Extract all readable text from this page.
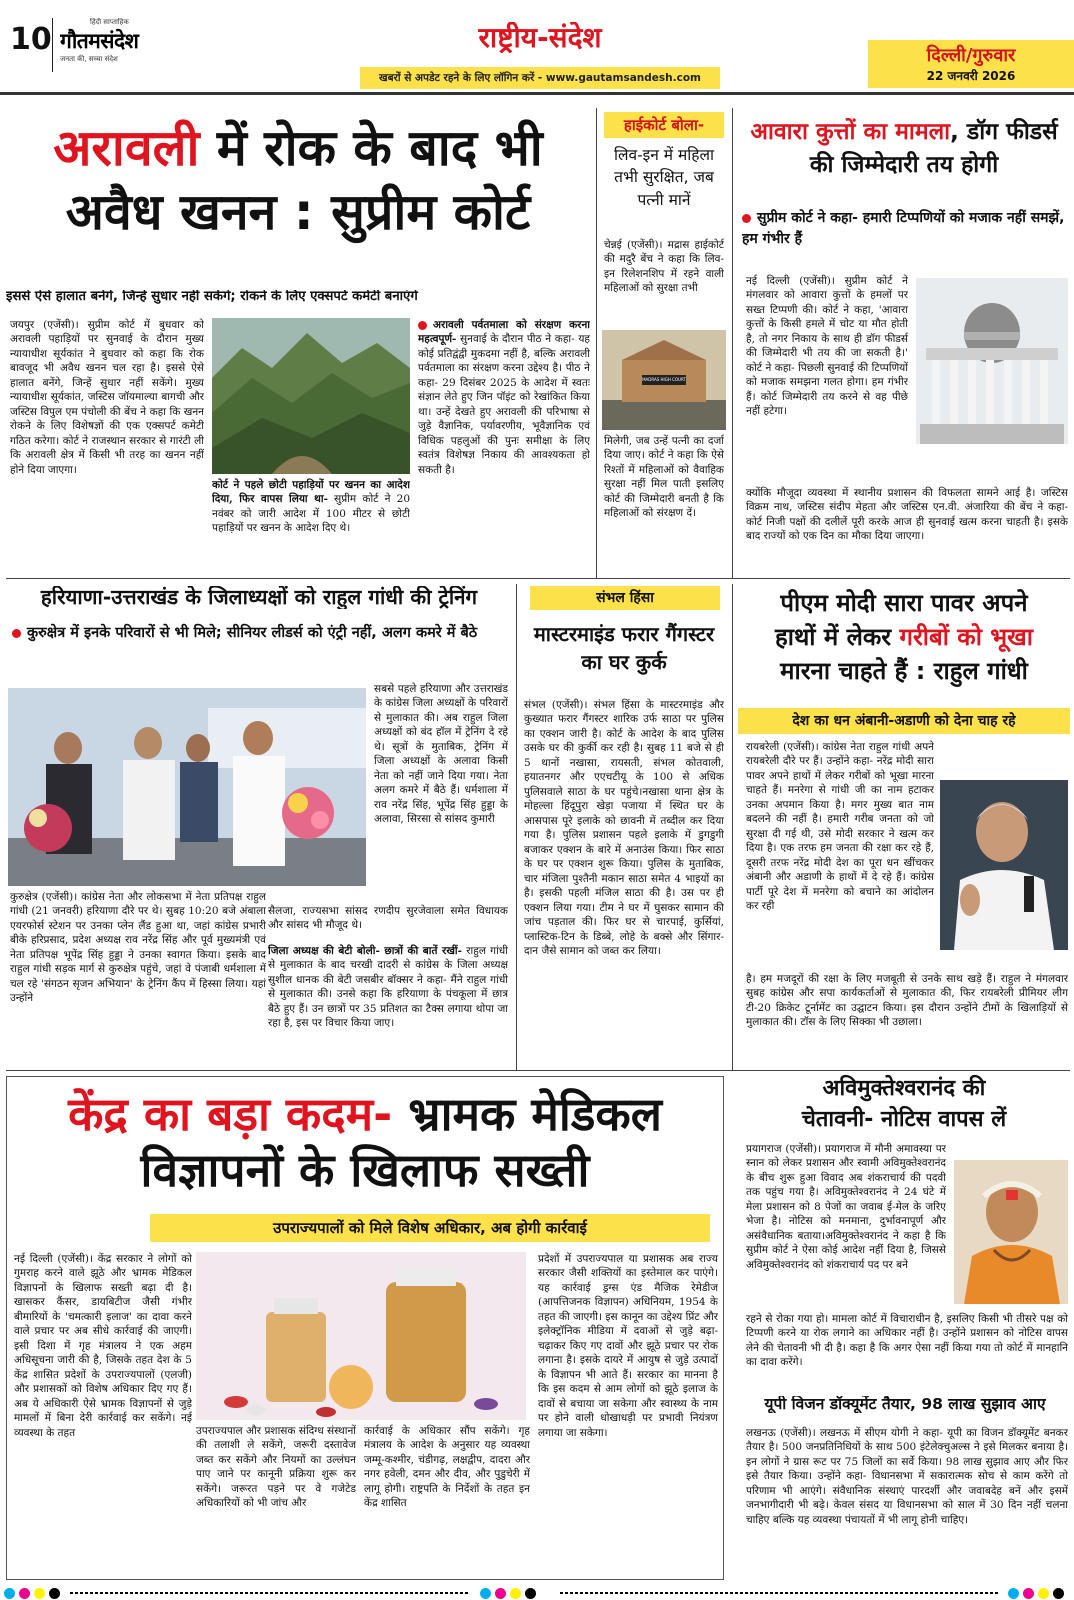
10	हिंदी साप्ताहिक
गौतमसंदेश
जनता की, सच्चा संदेश
राष्ट्रीय-संदेश
खबरों से अपडेट रहने के लिए लॉगिन करें - www.gautamsandesh.com
दिल्ली/गुरुवार
22 जनवरी 2026
अरावली में रोक के बाद भी
अवैध खनन : सुप्रीम कोर्ट
इससे ऐसे हालात बनेंगे, जिन्हें सुधार नहीं सकेंगे; रोकने के लिए एक्सपर्ट कमेटी बनाएंगे
जयपुर (एजेंसी)। सुप्रीम कोर्ट में बुधवार को अरावली पहाड़ियों पर सुनवाई के दौरान मुख्य न्यायाधीश सूर्यकांत ने बुधवार को कहा कि रोक बावजूद भी अवैध खनन चल रहा है। इससे ऐसे हालात बनेंगे, जिन्हें सुधार नहीं सकेंगे। मुख्य न्यायाधीश सूर्यकांत, जस्टिस जॉयमाल्या बागची और जस्टिस विपुल एम पंचोली की बेंच ने कहा कि खनन रोकने के लिए विशेषज्ञों की एक एक्सपर्ट कमेटी गठित करेगा। कोर्ट ने राजस्थान सरकार से गारंटी ली कि अरावली क्षेत्र में किसी भी तरह का खनन नहीं होने दिया जाएगा।
कोर्ट ने पहले छोटी पहाड़ियों पर खनन का आदेश दिया, फिर वापस लिया था- सुप्रीम कोर्ट ने 20 नवंबर को जारी आदेश में 100 मीटर से छोटी पहाड़ियों पर खनन के आदेश दिए थे।
अरावली पर्वतमाला को संरक्षण करना महत्वपूर्ण- सुनवाई के दौरान पीठ ने कहा- यह कोई प्रतिद्वंद्वी मुकदमा नहीं है, बल्कि अरावली पर्वतमाला का संरक्षण करना उद्देश्य है। पीठ ने कहा- 29 दिसंबर 2025 के आदेश में स्वतः संज्ञान लेते हुए जिन पॉइंट को रेखांकित किया था। उन्हें देखते हुए अरावली की परिभाषा से जुड़े वैज्ञानिक, पर्यावरणीय, भूवैज्ञानिक एवं विधिक पहलुओं की पुनः समीक्षा के लिए स्वतंत्र विशेषज्ञ निकाय की आवश्यकता हो सकती है।
हाईकोर्ट बोला-
लिव-इन में महिला तभी सुरक्षित, जब पत्नी मानें
चेन्नई (एजेंसी)। मद्रास हाईकोर्ट की मदुरै बेंच ने कहा कि लिव-इन रिलेशनशिप में रहने वाली महिलाओं को सुरक्षा तभी
MADRAS HIGH COURT
मिलेगी, जब उन्हें पत्नी का दर्जा दिया जाए। कोर्ट ने कहा कि ऐसे रिश्तों में महिलाओं को वैवाहिक सुरक्षा नहीं मिल पाती इसलिए कोर्ट की जिम्मेदारी बनती है कि महिलाओं को संरक्षण दें।
आवारा कुत्तों का मामला, डॉग फीडर्स की जिम्मेदारी तय होगी
सुप्रीम कोर्ट ने कहा- हमारी टिप्पणियों को मजाक नहीं समझें, हम गंभीर हैं
नई दिल्ली (एजेंसी)। सुप्रीम कोर्ट ने मंगलवार को आवारा कुत्तों के हमलों पर सख्त टिप्पणी की। कोर्ट ने कहा, 'आवारा कुत्तों के किसी हमले में चोट या मौत होती है, तो नगर निकाय के साथ ही डॉग फीडर्स की जिम्मेदारी भी तय की जा सकती है।' कोर्ट ने कहा- पिछली सुनवाई की टिप्पणियों को मजाक समझना गलत होगा। हम गंभीर हैं। कोर्ट जिम्मेदारी तय करने से वह पीछे नहीं हटेगा।
क्योंकि मौजूदा व्यवस्था में स्थानीय प्रशासन की विफलता सामने आई है। जस्टिस विक्रम नाथ, जस्टिस संदीप मेहता और जस्टिस एन.वी. अंजारिया की बेंच ने कहा- कोर्ट निजी पक्षों की दलीलें पूरी करके आज ही सुनवाई खत्म करना चाहती है। इसके बाद राज्यों को एक दिन का मौका दिया जाएगा।
हरियाणा-उत्तराखंड के जिलाध्यक्षों को राहुल गांधी की ट्रेनिंग
कुरुक्षेत्र में इनके परिवारों से भी मिले; सीनियर लीडर्स को एंट्री नहीं, अलग कमरे में बैठे
कुरुक्षेत्र (एजेंसी)। कांग्रेस नेता और लोकसभा में नेता प्रतिपक्ष राहुल गांधी (21 जनवरी) हरियाणा दौरे पर थे। सुबह 10:20 बजे अंबाला एयरफोर्स स्टेशन पर उनका प्लेन लैंड हुआ था, जहां कांग्रेस प्रभारी बीके हरिप्रसाद, प्रदेश अध्यक्ष राव नरेंद्र सिंह और पूर्व मुख्यमंत्री एवं नेता प्रतिपक्ष भूपेंद्र सिंह हुड्डा ने उनका स्वागत किया। इसके बाद राहुल गांधी सड़क मार्ग से कुरुक्षेत्र पहुंचे, जहां वे पंजाबी धर्मशाला में चल रहे 'संगठन सृजन अभियान' के ट्रेनिंग कैंप में हिस्सा लिया। यहां उन्होंने
सबसे पहले हरियाणा और उत्तराखंड के कांग्रेस जिला अध्यक्षों के परिवारों से मुलाकात की। अब राहुल जिला अध्यक्षों को बंद हॉल में ट्रेनिंग दे रहे थे। सूत्रों के मुताबिक, ट्रेनिंग में जिला अध्यक्षों के अलावा किसी नेता को नहीं जाने दिया गया। नेता अलग कमरे में बैठे हैं। धर्मशाला में राव नरेंद्र सिंह, भूपेंद्र सिंह हुड्डा के अलावा, सिरसा से सांसद कुमारी
सैलजा, राज्यसभा सांसद रणदीप सुरजेवाला समेत विधायक और सांसद भी मौजूद थे।
जिला अध्यक्ष की बेटी बोली- छात्रों की बातें रखीं- राहुल गांधी से मुलाकात के बाद चरखी दादरी से कांग्रेस के जिला अध्यक्ष सुशील धानक की बेटी जसबीर बॉक्सर ने कहा- मैंने राहुल गांधी से मुलाकात की। उनसे कहा कि हरियाणा के पंचकूला में छात्र बैठे हुए हैं। उन छात्रों पर 35 प्रतिशत का टैक्स लगाया थोपा जा रहा है, इस पर विचार किया जाए।
संभल हिंसा
मास्टरमाइंड फरार गैंगस्टर का घर कुर्क
संभल (एजेंसी)। संभल हिंसा के मास्टरमाइंड और कुख्यात फरार गैंगस्टर शारिक उर्फ साठा पर पुलिस का एक्शन जारी है। कोर्ट के आदेश के बाद पुलिस उसके घर की कुर्की कर रही है। सुबह 11 बजे से ही 5 थानों नखासा, रायसती, संभल कोतवाली, हयातनगर और एएचटीयू के 100 से अधिक पुलिसवाले साठा के घर पहुंचे।नखासा थाना क्षेत्र के मोहल्ला हिंदूपुरा खेड़ा पजाया में स्थित घर के आसपास पूरे इलाके को छावनी में तब्दील कर दिया गया है। पुलिस प्रशासन पहले इलाके में डुगडुगी बजाकर एक्शन के बारे में अनाउंस किया। फिर साठा के घर पर एक्शन शुरू किया। पुलिस के मुताबिक, चार मंजिला पुश्तैनी मकान साठा समेत 4 भाइयों का है। इसकी पहली मंजिल साठा की है। उस पर ही एक्शन लिया गया। टीम ने घर में घुसकर सामान की जांच पड़ताल की। फिर घर से चारपाई, कुर्सियां, प्लास्टिक-टिन के डिब्बे, लोहे के बक्से और सिंगार-दान जैसे सामान को जब्त कर लिया।
पीएम मोदी सारा पावर अपने
हाथों में लेकर गरीबों को भूखा
मारना चाहते हैं : राहुल गांधी
देश का धन अंबानी-अडाणी को देना चाह रहे
रायबरेली (एजेंसी)। कांग्रेस नेता राहुल गांधी अपने रायबरेली दौरे पर हैं। उन्होंने कहा- नरेंद्र मोदी सारा पावर अपने हाथों में लेकर गरीबों को भूखा मारना चाहते हैं। मनरेगा से गांधी जी का नाम हटाकर उनका अपमान किया है। मगर मुख्य बात नाम बदलने की नहीं है। हमारी गरीब जनता को जो सुरक्षा दी गई थी, उसे मोदी सरकार ने खत्म कर दिया है। एक तरफ हम जनता की रक्षा कर रहे हैं, दूसरी तरफ नरेंद्र मोदी देश का पूरा धन खींचकर अंबानी और अडाणी के हाथों में दे रहे हैं। कांग्रेस पार्टी पूरे देश में मनरेगा को बचाने का आंदोलन कर रही
है। हम मजदूरों की रक्षा के लिए मजबूती से उनके साथ खड़े हैं। राहुल ने मंगलवार सुबह कांग्रेस और सपा कार्यकर्ताओं से मुलाकात की, फिर रायबरेली प्रीमियर लीग टी-20 क्रिकेट टूर्नामेंट का उद्घाटन किया। इस दौरान उन्होंने टीमों के खिलाड़ियों से मुलाकात की। टॉस के लिए सिक्का भी उछाला।
केंद्र का बड़ा कदम- भ्रामक मेडिकल
विज्ञापनों के खिलाफ सख्ती
उपराज्यपालों को मिले विशेष अधिकार, अब होगी कार्रवाई
नई दिल्ली (एजेंसी)। केंद्र सरकार ने लोगों को गुमराह करने वाले झूठे और भ्रामक मेडिकल विज्ञापनों के खिलाफ सख्ती बढ़ा दी है। खासकर कैंसर, डायबिटीज जैसी गंभीर बीमारियों के 'चमत्कारी इलाज' का दावा करने वाले प्रचार पर अब सीधे कार्रवाई की जाएगी। इसी दिशा में गृह मंत्रालय ने एक अहम अधिसूचना जारी की है, जिसके तहत देश के 5 केंद्र शासित प्रदेशों के उपराज्यपालों (एलजी) और प्रशासकों को विशेष अधिकार दिए गए हैं। अब ये अधिकारी ऐसे भ्रामक विज्ञापनों से जुड़े मामलों में बिना देरी कार्रवाई कर सकेंगे। नई व्यवस्था के तहत	उपराज्यपाल और प्रशासक संदिग्ध संस्थानों की तलाशी ले सकेंगे, जरूरी दस्तावेज जब्त कर सकेंगे और नियमों का उल्लंघन पाए जाने पर कानूनी प्रक्रिया शुरू कर सकेंगे। जरूरत पड़ने पर वे गजेटेड अधिकारियों को भी जांच और
कार्रवाई के अधिकार सौंप सकेंगे। गृह मंत्रालय के आदेश के अनुसार यह व्यवस्था जम्मू-कश्मीर, चंडीगढ़, लक्षद्वीप, दादरा और नगर हवेली, दमन और दीव, और पुडुचेरी में लागू होगी। राष्ट्रपति के निर्देशों के तहत इन केंद्र शासित
प्रदेशों में उपराज्यपाल या प्रशासक अब राज्य सरकार जैसी शक्तियों का इस्तेमाल कर पाएंगे। यह कार्रवाई ड्रग्स एंड मैजिक रेमेडीज (आपत्तिजनक विज्ञापन) अधिनियम, 1954 के तहत की जाएगी। इस कानून का उद्देश्य प्रिंट और इलेक्ट्रॉनिक मीडिया में दवाओं से जुड़े बढ़ा-चढ़ाकर किए गए दावों और झूठे प्रचार पर रोक लगाना है। इसके दायरे में आयुष से जुड़े उत्पादों के विज्ञापन भी आते हैं। सरकार का मानना है कि इस कदम से आम लोगों को झूठे इलाज के दावों से बचाया जा सकेगा और स्वास्थ्य के नाम पर होने वाली धोखाधड़ी पर प्रभावी नियंत्रण लगाया जा सकेगा।
अविमुक्तेश्वरानंद की
चेतावनी- नोटिस वापस लें
प्रयागराज (एजेंसी)। प्रयागराज में मौनी अमावस्या पर स्नान को लेकर प्रशासन और स्वामी अविमुक्तेश्वरानंद के बीच शुरू हुआ विवाद अब शंकराचार्य की पदवी तक पहुंच गया है। अविमुक्तेश्वरानंद ने 24 घंटे में मेला प्रशासन को 8 पेजों का जवाब ई-मेल के जरिए भेजा है। नोटिस को मनमाना, दुर्भावनापूर्ण और असंवैधानिक बताया।अविमुक्तेश्वरानंद ने कहा है कि सुप्रीम कोर्ट ने ऐसा कोई आदेश नहीं दिया है, जिससे अविमुक्तेश्वरानंद को शंकराचार्य पद पर बने
रहने से रोका गया हो। मामला कोर्ट में विचाराधीन है, इसलिए किसी भी तीसरे पक्ष को टिप्पणी करने या रोक लगाने का अधिकार नहीं है। उन्होंने प्रशासन को नोटिस वापस लेने की चेतावनी भी दी है। कहा है कि अगर ऐसा नहीं किया गया तो कोर्ट में मानहानि का दावा करेंगे।
यूपी विजन डॉक्यूमेंट तैयार, 98 लाख सुझाव आए
लखनऊ (एजेंसी)। लखनऊ में सीएम योगी ने कहा- यूपी का विजन डॉक्यूमेंट बनकर तैयार है। 500 जनप्रतिनिधियों के साथ 500 इंटेलेक्चुअल्स ने इसे मिलकर बनाया है। इन लोगों ने ग्रास रूट पर 75 जिलों का सर्वे किया। 98 लाख सुझाव आए और फिर इसे तैयार किया। उन्होंने कहा- विधानसभा में सकारात्मक सोच से काम करेंगे तो परिणाम भी आएंगे। संवैधानिक संस्थाएं पारदर्शी और जवाबदेह बनें और इसमें जनभागीदारी भी बढ़े। केवल संसद या विधानसभा को साल में 30 दिन नहीं चलना चाहिए बल्कि यह व्यवस्था पंचायतों में भी लागू होनी चाहिए।
